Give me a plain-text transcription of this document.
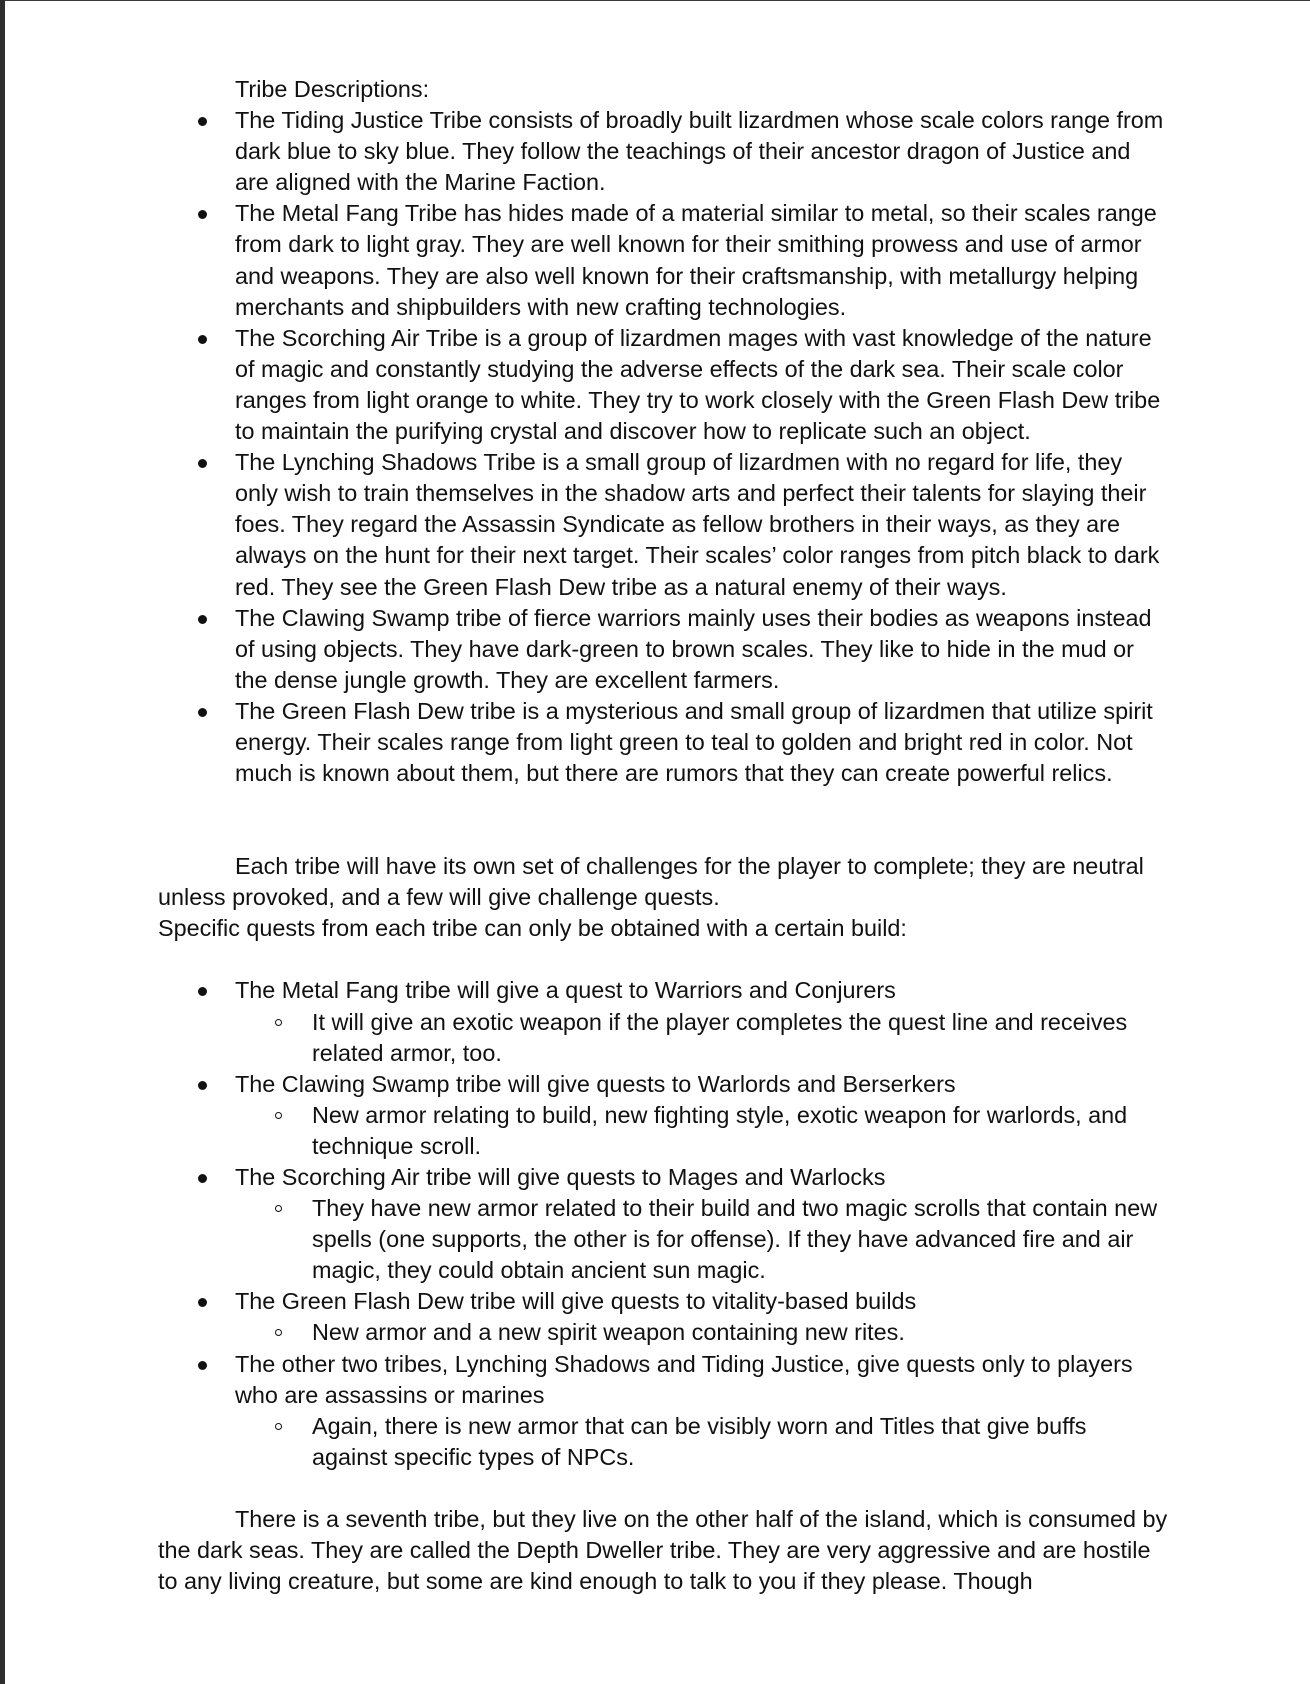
Tribe Descriptions:

The Tiding Justice Tribe consists of broadly built lizardmen whose scale colors range from dark blue to sky blue. They follow the teachings of their ancestor dragon of Justice and are aligned with the Marine Faction.
The Metal Fang Tribe has hides made of a material similar to metal, so their scales range from dark to light gray. They are well known for their smithing prowess and use of armor and weapons. They are also well known for their craftsmanship, with metallurgy helping merchants and shipbuilders with new crafting technologies.
The Scorching Air Tribe is a group of lizardmen mages with vast knowledge of the nature of magic and constantly studying the adverse effects of the dark sea. Their scale color ranges from light orange to white. They try to work closely with the Green Flash Dew tribe to maintain the purifying crystal and discover how to replicate such an object.
The Lynching Shadows Tribe is a small group of lizardmen with no regard for life, they only wish to train themselves in the shadow arts and perfect their talents for slaying their foes. They regard the Assassin Syndicate as fellow brothers in their ways, as they are always on the hunt for their next target. Their scales’ color ranges from pitch black to dark red. They see the Green Flash Dew tribe as a natural enemy of their ways.
The Clawing Swamp tribe of fierce warriors mainly uses their bodies as weapons instead of using objects. They have dark-green to brown scales. They like to hide in the mud or the dense jungle growth. They are excellent farmers.
The Green Flash Dew tribe is a mysterious and small group of lizardmen that utilize spirit energy. Their scales range from light green to teal to golden and bright red in color. Not much is known about them, but there are rumors that they can create powerful relics.

Each tribe will have its own set of challenges for the player to complete; they are neutral unless provoked, and a few will give challenge quests.

Specific quests from each tribe can only be obtained with a certain build:

The Metal Fang tribe will give a quest to Warriors and Conjurers
It will give an exotic weapon if the player completes the quest line and receives related armor, too.
The Clawing Swamp tribe will give quests to Warlords and Berserkers
New armor relating to build, new fighting style, exotic weapon for warlords, and technique scroll.
The Scorching Air tribe will give quests to Mages and Warlocks
They have new armor related to their build and two magic scrolls that contain new spells (one supports, the other is for offense). If they have advanced fire and air magic, they could obtain ancient sun magic.
The Green Flash Dew tribe will give quests to vitality-based builds
New armor and a new spirit weapon containing new rites.
The other two tribes, Lynching Shadows and Tiding Justice, give quests only to players who are assassins or marines
Again, there is new armor that can be visibly worn and Titles that give buffs against specific types of NPCs.

There is a seventh tribe, but they live on the other half of the island, which is consumed by the dark seas. They are called the Depth Dweller tribe. They are very aggressive and are hostile to any living creature, but some are kind enough to talk to you if they please. Though
